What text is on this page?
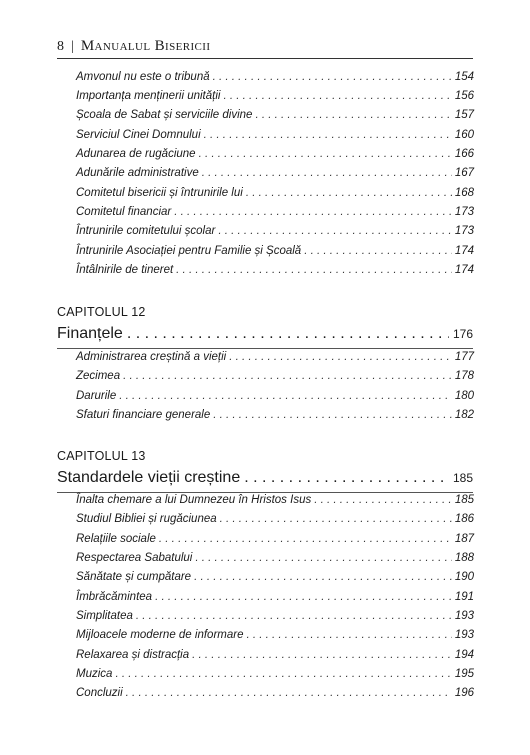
8 | Manualul Bisericii
Amvonul nu este o tribună . . .	154
Importanța menținerii unității . . .	156
Școala de Sabat și serviciile divine . . .	157
Serviciul Cinei Domnului . . .	160
Adunarea de rugăciune . . .	166
Adunările administrative . . .	167
Comitetul bisericii și întrunirile lui . . .	168
Comitetul financiar . . .	173
Întrunirile comitetului școlar . . .	173
Întrunirile Asociației pentru Familie și Școală . . .	174
Întâlnirile de tineret . . .	174
CAPITOLUL 12
Finanțele . . .	176
Administrarea creștină a vieții . . .	177
Zecimea . . .	178
Darurile . . .	180
Sfaturi financiare generale . . .	182
CAPITOLUL 13
Standardele vieții creștine . . .	185
Înalta chemare a lui Dumnezeu în Hristos Isus . . .	185
Studiul Bibliei și rugăciunea . . .	186
Relațiile sociale . . .	187
Respectarea Sabatului . . .	188
Sănătate și cumpătare . . .	190
Îmbrăcămintea . . .	191
Simplitatea . . .	193
Mijloacele moderne de informare . . .	193
Relaxarea și distracția . . .	194
Muzica . . .	195
Concluzii . . .	196
